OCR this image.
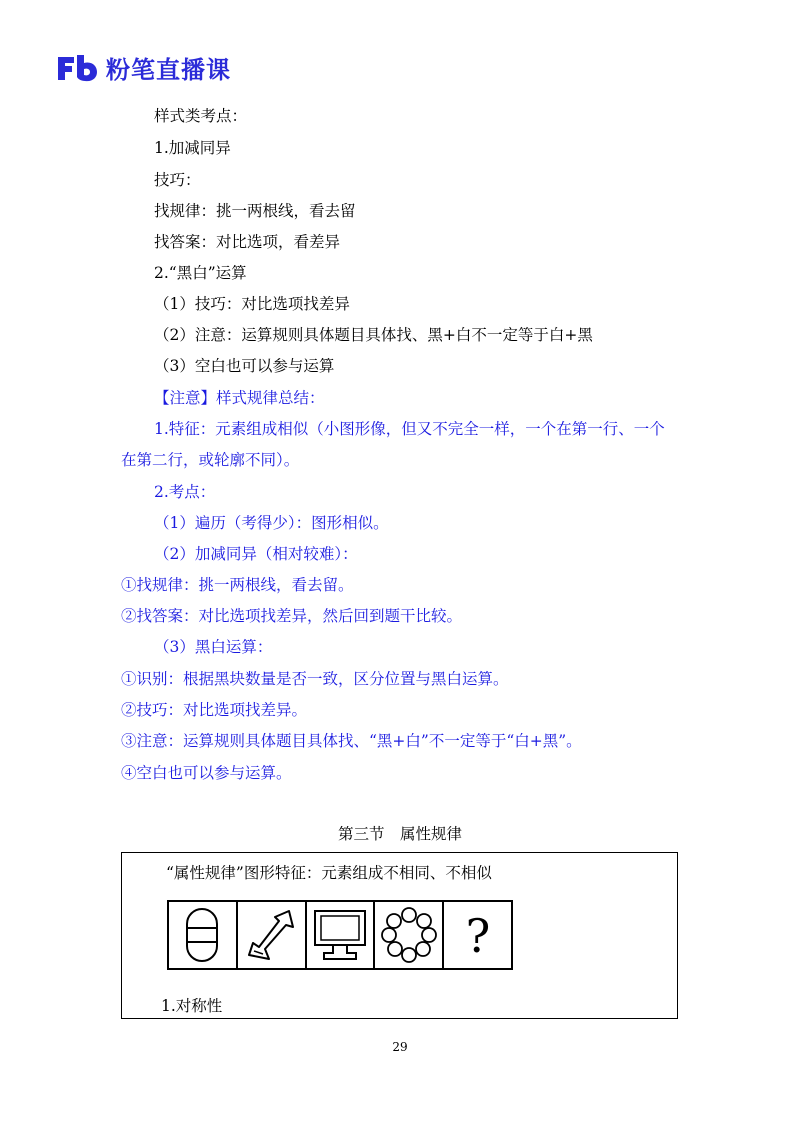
粉笔直播课
样式类考点：
1.加减同异
技巧：
找规律：挑一两根线，看去留
找答案：对比选项，看差异
2.“黑白”运算
（1）技巧：对比选项找差异
（2）注意：运算规则具体题目具体找、黑+白不一定等于白+黑
（3）空白也可以参与运算
【注意】样式规律总结：
1.特征：元素组成相似（小图形像，但又不完全一样，一个在第一行、一个
在第二行，或轮廓不同）。
2.考点：
（1）遍历（考得少）：图形相似。
（2）加减同异（相对较难）：
①找规律：挑一两根线，看去留。
②找答案：对比选项找差异，然后回到题干比较。
（3）黑白运算：
①识别：根据黑块数量是否一致，区分位置与黑白运算。
②技巧：对比选项找差异。
③注意：运算规则具体题目具体找、“黑+白”不一定等于“白+黑”。
④空白也可以参与运算。
第三节　属性规律
“属性规律”图形特征：元素组成不相同、不相似
?
1.对称性
29
